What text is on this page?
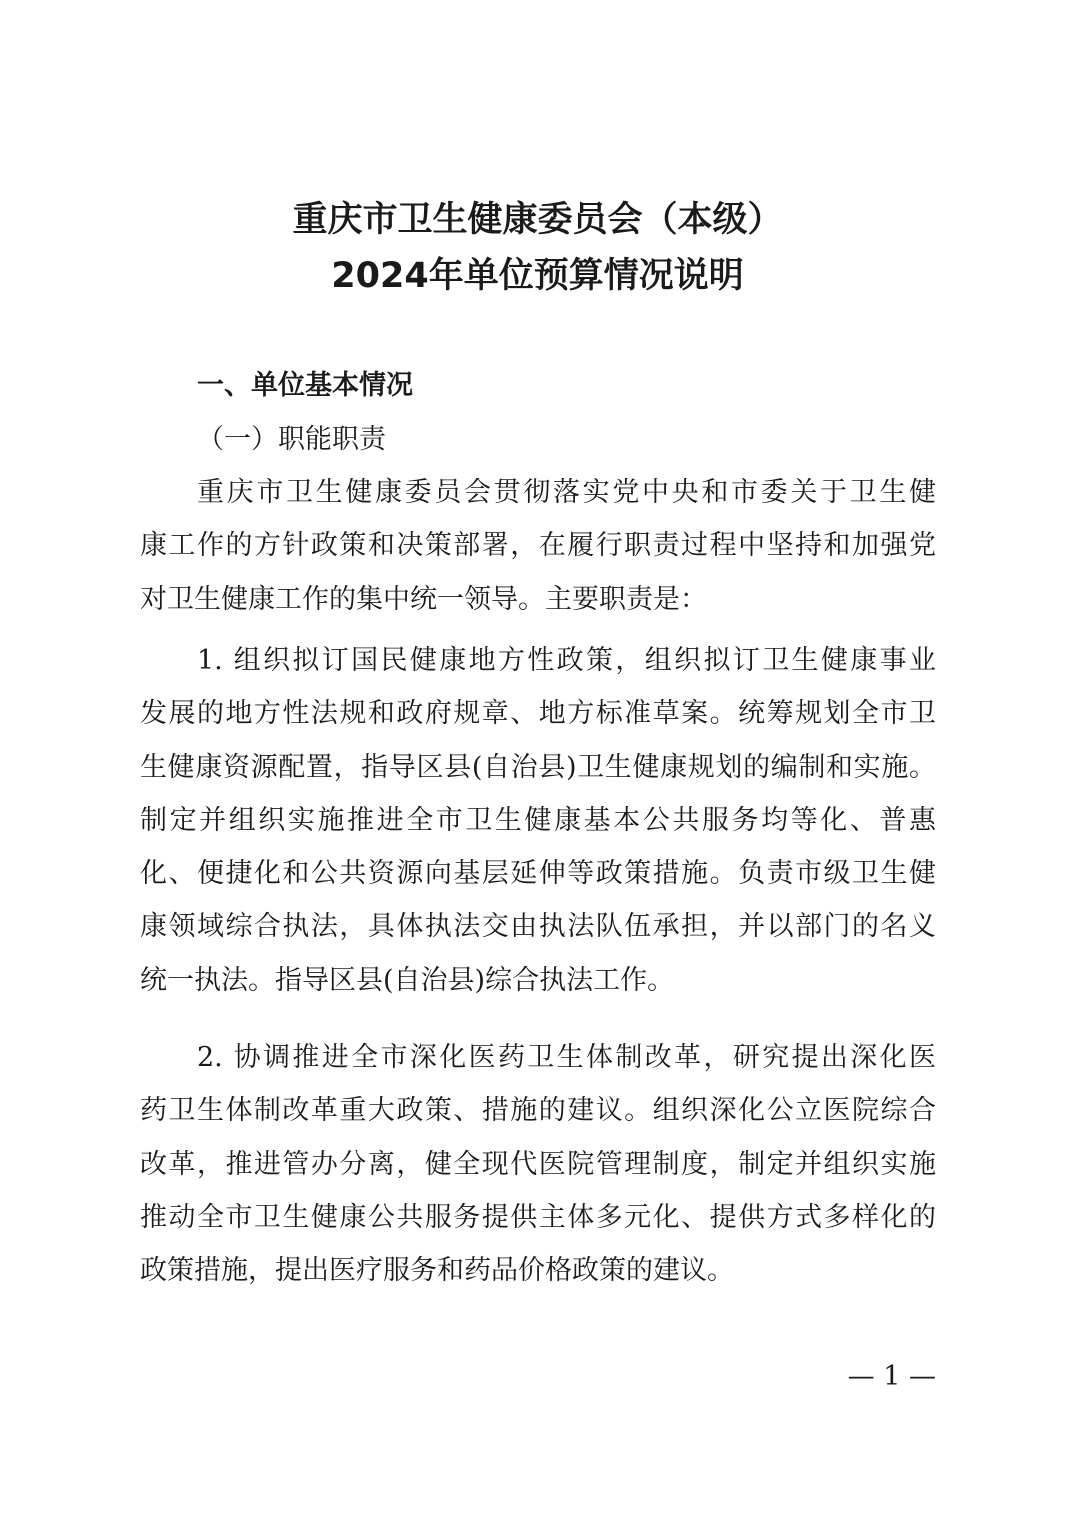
重庆市卫生健康委员会（本级）
2024年单位预算情况说明
一、单位基本情况
（一）职能职责
重庆市卫生健康委员会贯彻落实党中央和市委关于卫生健
康工作的方针政策和决策部署，在履行职责过程中坚持和加强党
对卫生健康工作的集中统一领导。主要职责是：
1. 组织拟订国民健康地方性政策，组织拟订卫生健康事业
发展的地方性法规和政府规章、地方标准草案。统筹规划全市卫
生健康资源配置，指导区县(自治县)卫生健康规划的编制和实施。
制定并组织实施推进全市卫生健康基本公共服务均等化、普惠
化、便捷化和公共资源向基层延伸等政策措施。负责市级卫生健
康领域综合执法，具体执法交由执法队伍承担，并以部门的名义
统一执法。指导区县(自治县)综合执法工作。
2. 协调推进全市深化医药卫生体制改革，研究提出深化医
药卫生体制改革重大政策、措施的建议。组织深化公立医院综合
改革，推进管办分离，健全现代医院管理制度，制定并组织实施
推动全市卫生健康公共服务提供主体多元化、提供方式多样化的
政策措施，提出医疗服务和药品价格政策的建议。
— 1 —
